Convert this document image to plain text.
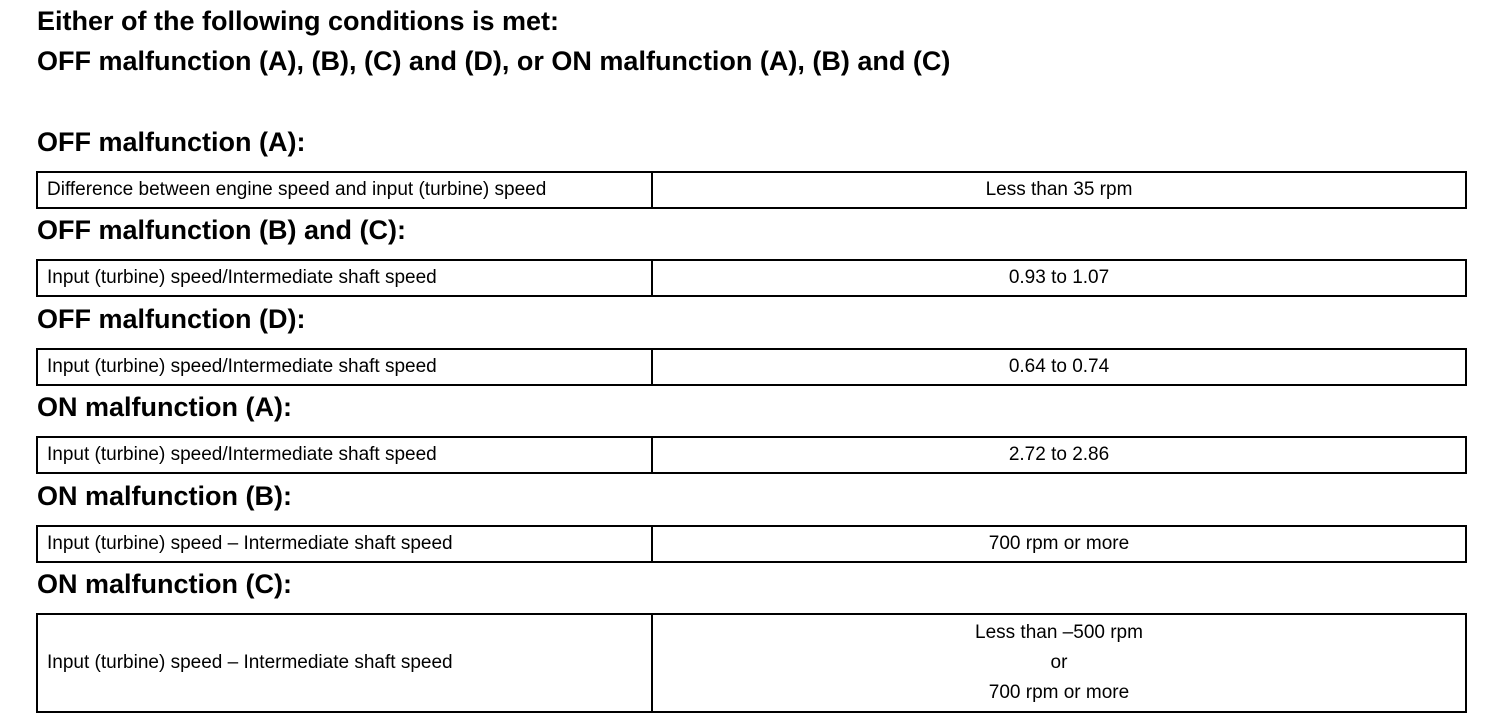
Either of the following conditions is met:
OFF malfunction (A), (B), (C) and (D), or ON malfunction (A), (B) and (C)
OFF malfunction (A):
Difference between engine speed and input (turbine) speed	Less than 35 rpm
OFF malfunction (B) and (C):
Input (turbine) speed/Intermediate shaft speed	0.93 to 1.07
OFF malfunction (D):
Input (turbine) speed/Intermediate shaft speed	0.64 to 0.74
ON malfunction (A):
Input (turbine) speed/Intermediate shaft speed	2.72 to 2.86
ON malfunction (B):
Input (turbine) speed – Intermediate shaft speed	700 rpm or more
ON malfunction (C):
Input (turbine) speed – Intermediate shaft speed	
Less than –500 rpm
or
700 rpm or more
